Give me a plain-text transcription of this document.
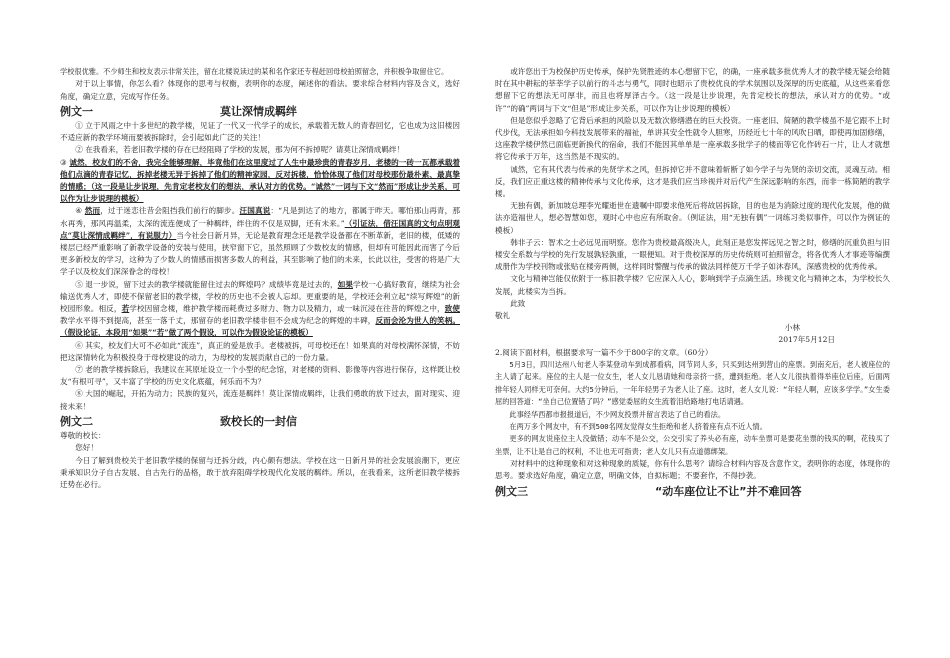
学校很优雅。不少师生和校友表示非常关注，留在北楼说读过的某和名作家还专程赶回母校拍照留念，并积极争取留住它。

对于以上事情，你怎么看？体现你的思考与权衡，表明你的态度，阐述你的看法。要求综合材料内容及含义，选好角度，确定立意，完成写作任务。

例文一	莫让深情成羁绊

① 立于风雨之中十多世纪的教学楼，见证了一代又一代学子的成长，承载着无数人的青春回忆，它也成为这旧楼因不适应新的教学环境而要被拆除时，会引起如此广泛的关注！

② 在我看来，若老旧教学楼的存在已经阻碍了学校的发展，那为何不拆掉呢？请莫让深情成羁绊！

③ 诚然，校友们的不舍，我完全能够理解，毕竟他们在这里度过了人生中最珍贵的青春岁月，老楼的一砖一瓦都承载着他们点滴的青春记忆，拆掉老楼无异于拆掉了他们的精神家园，反对拆楼，恰恰体现了他们对母校那份最朴素、最真挚的情感；（这一段是让步说理，先肯定老校友们的想法，承认对方的优势。“诚然”一词与下文“然而”形成让步关系，可以作为让步说理的模板）

④ 然而，过于迷恋往昔会阻挡我们前行的脚步。汪国真说：“凡是到达了的地方，都属于昨天。哪怕那山再青，那水再秀，那风再温柔，太深的流连便成了一种羁绊，绊住的不仅是双脚，还有未来。”（引证法，借汪国真的文句点明观点“莫让深情成羁绊”，有说服力）当今社会日新月异，无论是教育理念还是教学设备都在不断革新，老旧的楼，低矮的楼层已经严重影响了新教学设备的安装与使用，狭窄窗下它，虽然照顾了少数校友的情感，但却有可能因此而害了今后更多新校友的学习，这种为了少数人的情感而损害多数人的利益，其至影响了他们的未来，长此以往，受害的将是广大学子以及校友们深深眷念的母校！

⑤ 退一步说，留下过去的教学楼就能留住过去的辉煌吗？成绩毕竟是过去的，如果学校一心搞好教育，继续为社会输送优秀人才，即使不保留老旧的教学楼，学校的历史也不会被人忘却。更重要的是，学校还会利立起“续写辉煌”的新校园形象。相反，若学校因留念楼，维护教学楼而耗费过多财力、物力以及精力，或一味沉浸在往昔的辉煌之中，致使教学水平得不到提高，甚至一落千丈，那留存的老旧教学楼非但不会成为纪念的辉煌的丰碑，反而会沦为世人的笑柄。（假设论证，本段用“如果”“若”做了两个假设，可以作为假设论证的模板）

⑥ 其实，校友们大可不必如此“流连”，真正的爱是放手。老楼被拆，可母校还在！如果真的对母校满怀深情，不妨把这深情转化为积极投身于母校建设的动力，为母校的发展贡献自己的一份力量。

⑦ 老的教学楼拆除后，我建议在其原址设立一个小型的纪念馆，对老楼的资料、影像等内容进行保存，这样既让校友“有根可寻”，又丰富了学校的历史文化底蕴，何乐而不为？

⑧ 大国的崛起，开拓为动力；民族的复兴，流连是羁绊！莫让深情成羁绊，让我们勇敢的放下过去，面对现实、迎接未来！

例文二	致校长的一封信

尊敬的校长：

您好！

今日了解到贵校关于老旧教学楼的保留与迁拆分歧，内心颇有想法。学校在这一日新月异的社会发展浪潮下，更应秉承知识分子自古发展、自古先行的品格，敢于放弃阻碍学校现代化发展的羁绊。所以，在我看来，这所老旧教学楼拆迁势在必行。

或许您出于为校保护历史传承，保护先贤胜迹的本心想留下它，的确，一座承载多批优秀人才的教学楼无疑会给随时在其中耕耘的莘莘学子以前行的斗志与勇气，同时也昭示了贵校优良的学术氛围以及深厚的历史底蕴，从这些来看您想留下它的想法无可厚非，而且也将厚泽古今。（这一段是让步说理，先肯定校长的想法，承认对方的优势。“或许”“的确”两词与下文“但是”形成让步关系，可以作为让步说理的模板）

但是您似乎忽略了它背后承担的风险以及无数次修缮潜在的巨大投资。一座老旧、简陋的教学楼虽不是它跟不上时代步伐，无法承担如今科技发展带来的福祉，单讲其安全性就令人胆寒，历经近七十年的风吹日晒，即使再加固修缮，这座教学楼伊然已面临更新换代的宿命，我们不能因其单单是一座承载多批学子的楼而等它化作砖石一片，让人才就想将它传承于万年，这当然是不现实的。

诚然，它有其代表与传承的先贤学术之风，但拆掉它并不意味着斩断了如今学子与先贤的亲切交流，灵魂互动。相反，我们应正重这楼的精神传承与文化传承，这才是我们应当珍视并对后代产生深远影响的东西，而非一栋简陋的教学楼。

无独有偶，新加坡总理李光耀逝世在遗嘱中即要求他死后将故居拆除，目的也是为消除过度的现代化发展，他的做法亦造福世人，想必智慧如您，观时心中也应有所取舍。（例证法，用“无独有偶”一词练习类似事件，可以作为例证的模板）

韩非子云：智术之士必远见而明察。您作为贵校最高级决人，此刻正是您发挥远见之智之时，修缮的沉重负担与旧楼安全系数与学校的先行发展孰轻孰重，一眼便知。对于贵校深厚的历史传统则可拍照留念，将各优秀人才事迹等编撰成册作为学校刊物或张贴在楼旁两侧，这样同时警醒与传承的做法同样使万千学子如沐春风，深感贵校的优秀传承。

文化与精神岂能仅依附于一栋旧教学楼？它应深入人心，影响到学子点滴生活。珍视文化与精神之本，为学校长久发展，此楼实为当拆。

此致

敬礼

小林

2017年5月12日

2.阅读下面材料，根据要求写一篇不少于800字的文章。（60分）

5月3日，四川达州八旬老人李某登动车到成都看病，同节同人多，只买到达州到营山的座票。到南充后，老人被座位的主人请了起来。座位的主人是一位女生，老人女儿恳请她和母亲挤一挤，遭到拒绝。老人女儿很执着得举座位后座，后面两排年轻人同样无可奈何。大约5分钟后，一年年轻男子为老人让了座。这时，老人女儿说：“年轻人啊，应该多学学。”女生委屈的回答道：“坐自己位置错了吗？”感觉委屈的女生流着泪给路地打电话请遇。

此事经华西都市报报道后，不少网友投票并留言表达了自己的看法。

在两万多个网友中，有不到500名网友觉得女生拒绝和老人挤着座有点不近人情。

更多的网友说座位主人没做错；动车不是公交，公交引实了养头必有座，动车坐票可是要花坐票的钱买的啊，花钱买了坐票，让不让是自己的权利，不让也无可指责；老人女儿只有点道德绑架。

对材料中的这种现象和对这种现象的质疑，你有什么思考？请综合材料内容及含意作文，表明你的态度，体现你的思考。要求选好角度，确定立意，明确文体，自拟标题；不要套作，不得抄袭。

例文三	“动车座位让不让”并不难回答
